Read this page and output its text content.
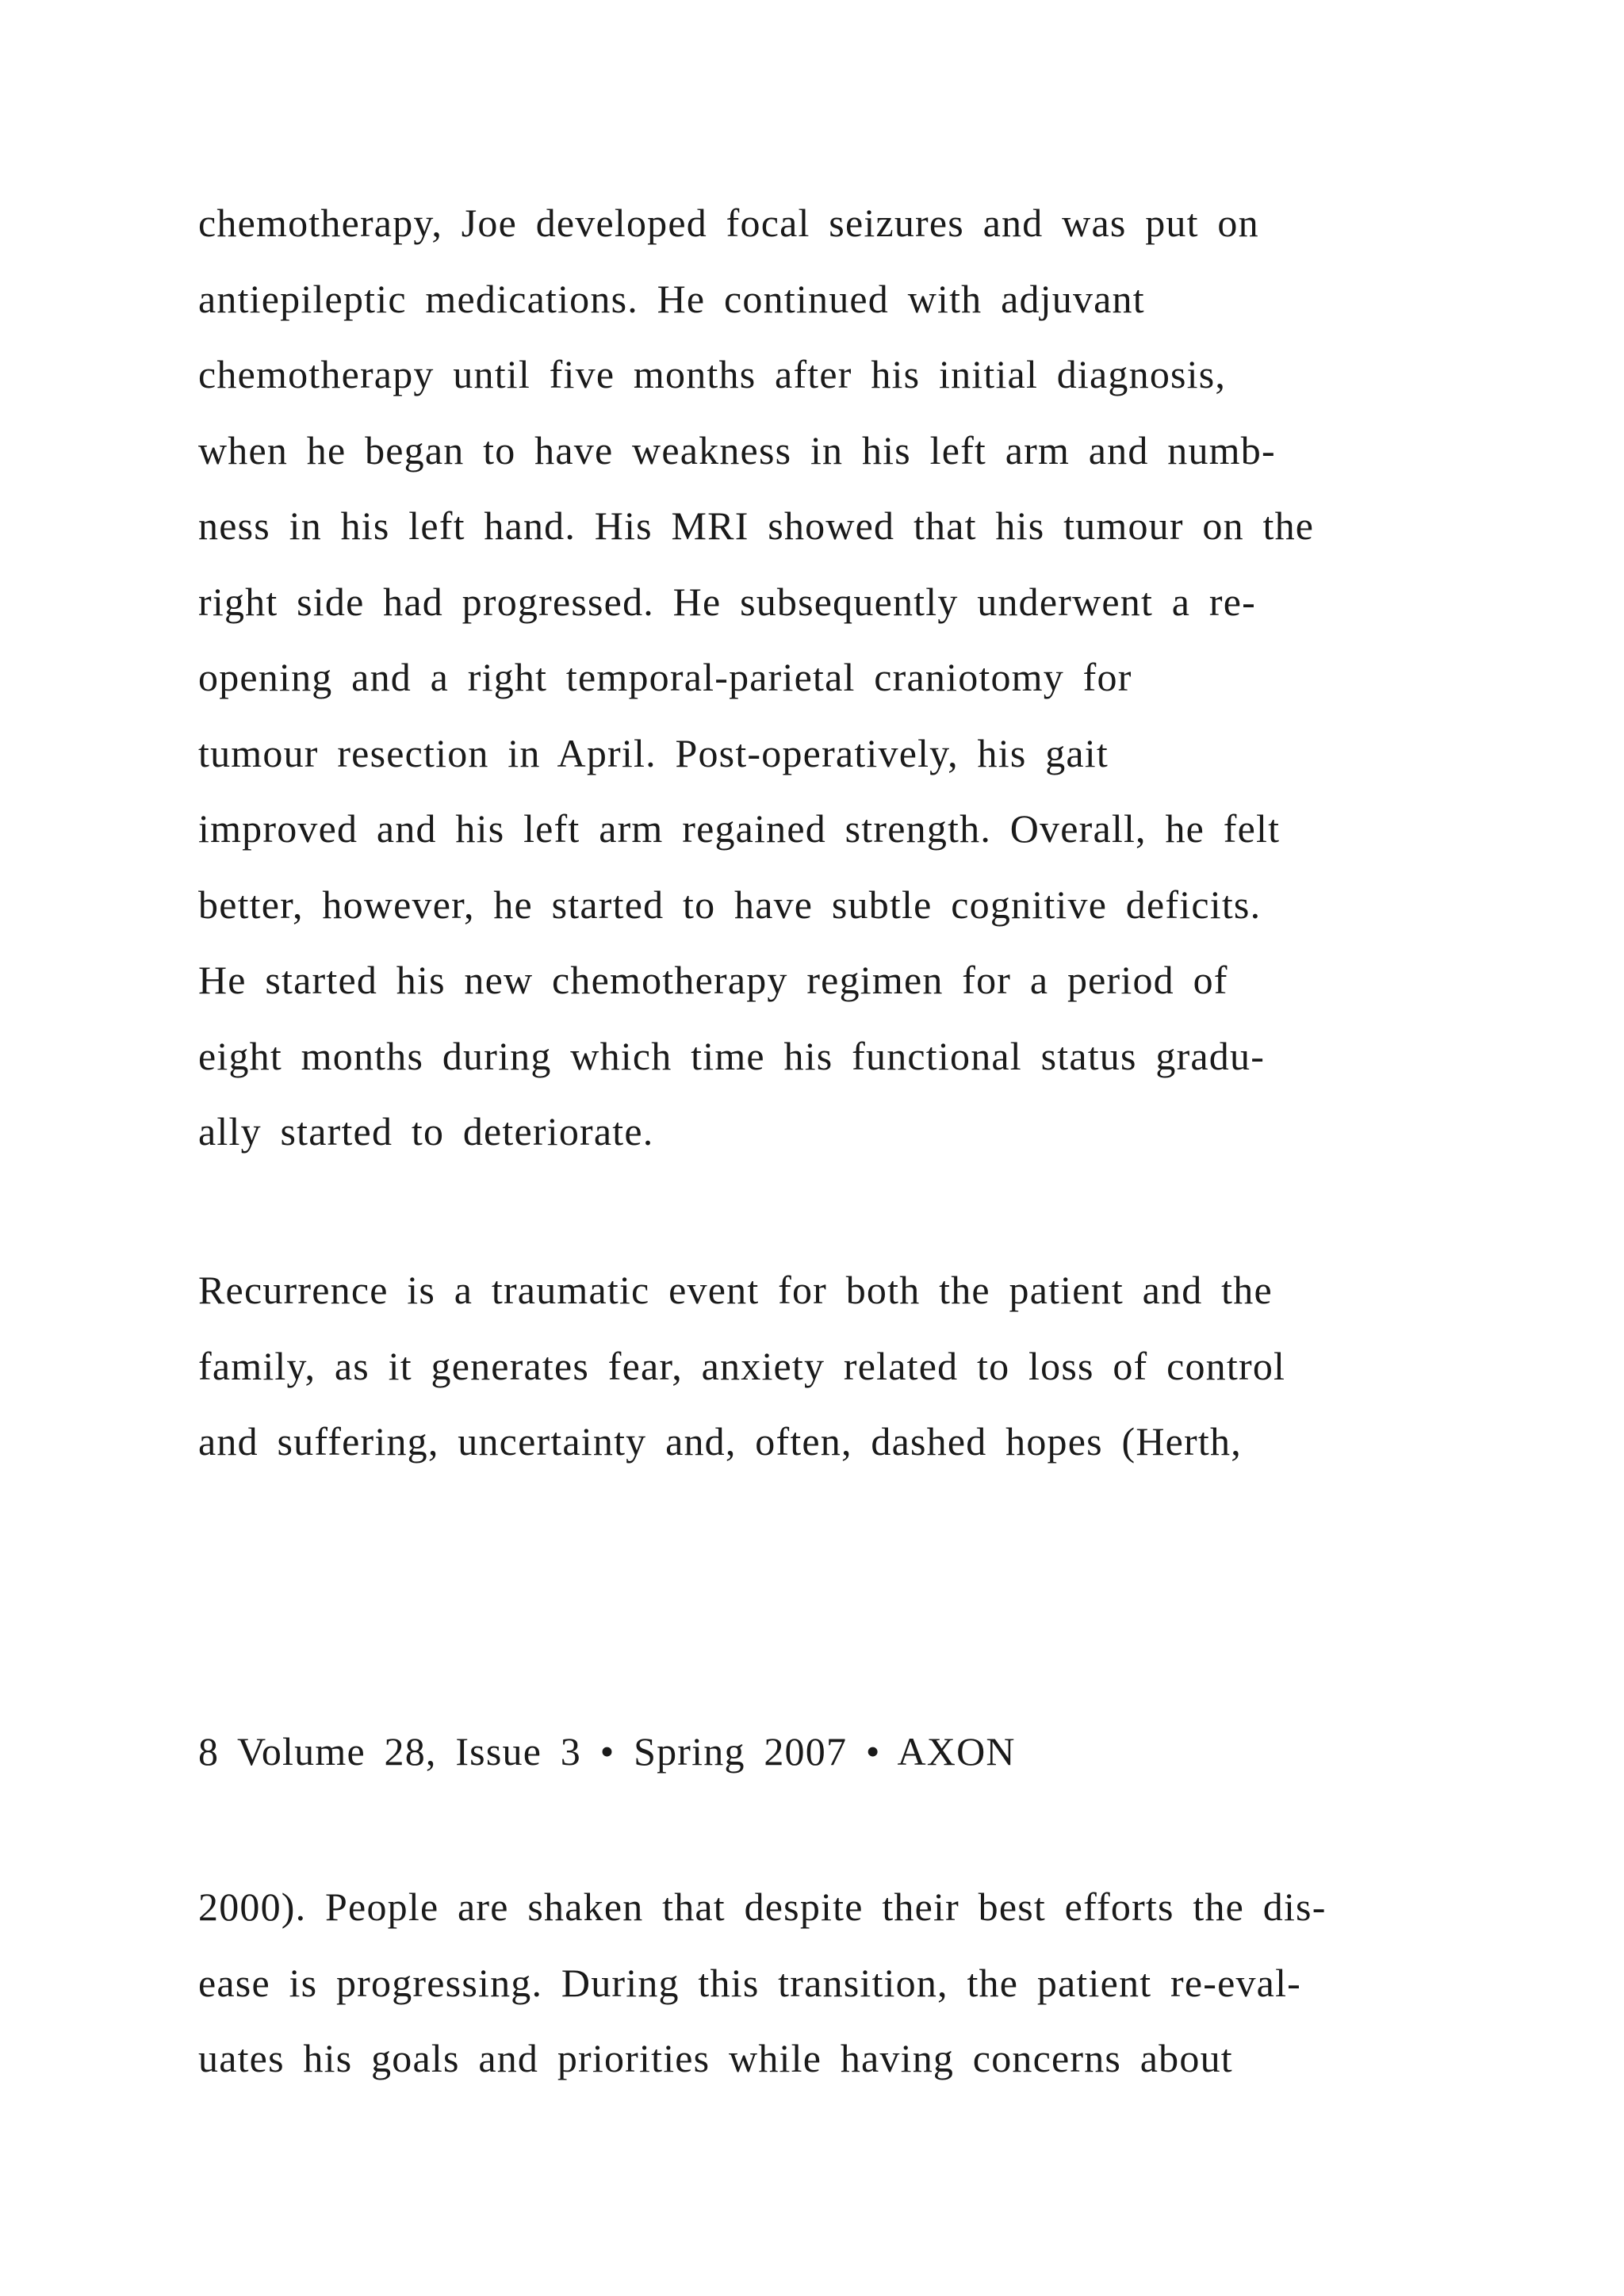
chemotherapy, Joe developed focal seizures and was put on
antiepileptic medications. He continued with adjuvant
chemotherapy until five months after his initial diagnosis,
when he began to have weakness in his left arm and numb-
ness in his left hand. His MRI showed that his tumour on the
right side had progressed. He subsequently underwent a re-
opening and a right temporal-parietal craniotomy for
tumour resection in April. Post-operatively, his gait
improved and his left arm regained strength. Overall, he felt
better, however, he started to have subtle cognitive deficits.
He started his new chemotherapy regimen for a period of
eight months during which time his functional status gradu-
ally started to deteriorate.
Recurrence is a traumatic event for both the patient and the
family, as it generates fear, anxiety related to loss of control
and suffering, uncertainty and, often, dashed hopes (Herth,
8 Volume 28, Issue 3 • Spring 2007 • AXON
2000). People are shaken that despite their best efforts the dis-
ease is progressing. During this transition, the patient re-eval-
uates his goals and priorities while having concerns about
